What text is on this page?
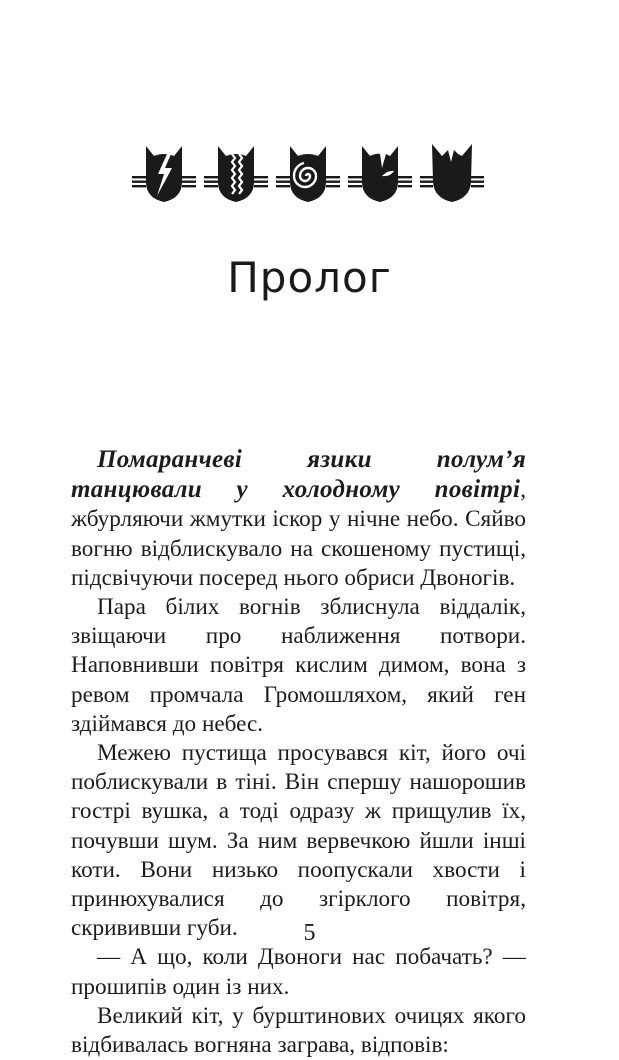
Пролог

Помаранчеві язики полум’я танцювали у холодному повітрі, жбурляючи жмутки іскор у нічне небо. Сяйво вогню відблискувало на скошеному пустищі, підсвічуючи посеред нього обриси Двоногів.

Пара білих вогнів зблиснула віддалік, звіщаючи про наближення потвори. Наповнивши повітря кислим димом, вона з ревом промчала Громошляхом, який ген здіймався до небес.

Межею пустища просувався кіт, його очі поблискували в тіні. Він спершу нашорошив гострі вушка, а тоді одразу ж прищулив їх, почувши шум. За ним вервечкою йшли інші коти. Вони низько поопускали хвости і принюхувалися до згірклого повітря, скрививши губи.

— А що, коли Двоноги нас побачать? — прошипів один із них.

Великий кіт, у бурштинових очицях якого відбивалась вогняна заграва, відповів:

5
